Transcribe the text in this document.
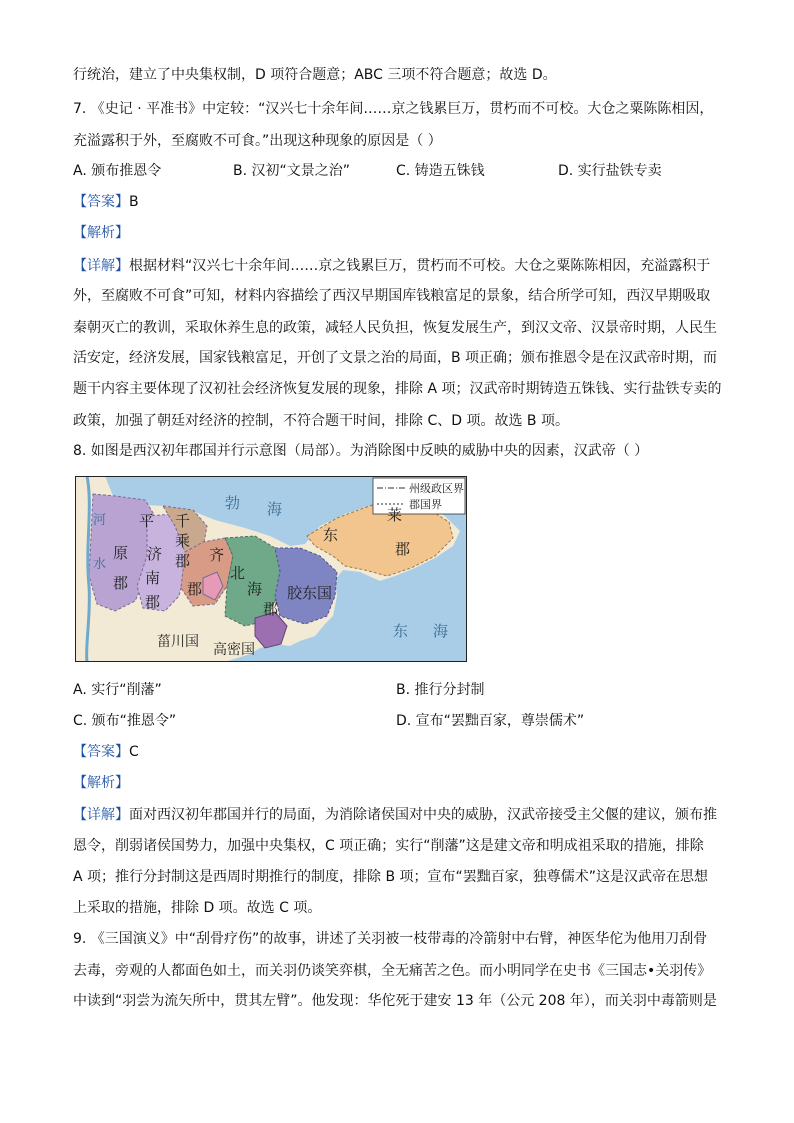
行统治，建立了中央集权制，D 项符合题意；ABC 三项不符合题意；故选 D。
7. 《史记 · 平准书》中定较：“汉兴七十余年间……京之钱累巨万，贯朽而不可校。大仓之粟陈陈相因，
充溢露积于外，至腐败不可食。”出现这种现象的原因是（ ）
A. 颁布推恩令	B. 汉初“文景之治”	C. 铸造五铢钱	D. 实行盐铁专卖
【答案】B
【解析】
【详解】根据材料“汉兴七十余年间……京之钱累巨万，贯朽而不可校。大仓之粟陈陈相因，充溢露积于
外，至腐败不可食”可知，材料内容描绘了西汉早期国库钱粮富足的景象，结合所学可知，西汉早期吸取
秦朝灭亡的教训，采取休养生息的政策，减轻人民负担，恢复发展生产，到汉文帝、汉景帝时期，人民生
活安定，经济发展，国家钱粮富足，开创了文景之治的局面，B 项正确；颁布推恩令是在汉武帝时期，而
题干内容主要体现了汉初社会经济恢复发展的现象，排除 A 项；汉武帝时期铸造五铢钱、实行盐铁专卖的
政策，加强了朝廷对经济的控制，不符合题干时间，排除 C、D 项。故选 B 项。
8. 如图是西汉初年郡国并行示意图（局部）。为消除图中反映的威胁中央的因素，汉武帝（ ）
州级政区界
郡国界
河
水
勃 海
平
原
郡
济
南
郡
千
乘
郡 齐
郡
北
海
郡
胶东国
东
莱
郡
菑川国 高密国
东 海
A. 实行“削藩”	B. 推行分封制
C. 颁布“推恩令”	D. 宣布“罢黜百家，尊崇儒术”
【答案】C
【解析】
【详解】面对西汉初年郡国并行的局面，为消除诸侯国对中央的威胁，汉武帝接受主父偃的建议，颁布推
恩令，削弱诸侯国势力，加强中央集权，C 项正确；实行“削藩”这是建文帝和明成祖采取的措施，排除
A 项；推行分封制这是西周时期推行的制度，排除 B 项；宣布“罢黜百家，独尊儒术”这是汉武帝在思想
上采取的措施，排除 D 项。故选 C 项。
9. 《三国演义》中“刮骨疗伤”的故事，讲述了关羽被一枝带毒的冷箭射中右臂，神医华佗为他用刀刮骨
去毒，旁观的人都面色如土，而关羽仍谈笑弈棋，全无痛苦之色。而小明同学在史书《三国志•关羽传》
中读到“羽尝为流矢所中，贯其左臂”。他发现：华佗死于建安 13 年（公元 208 年），而关羽中毒箭则是
